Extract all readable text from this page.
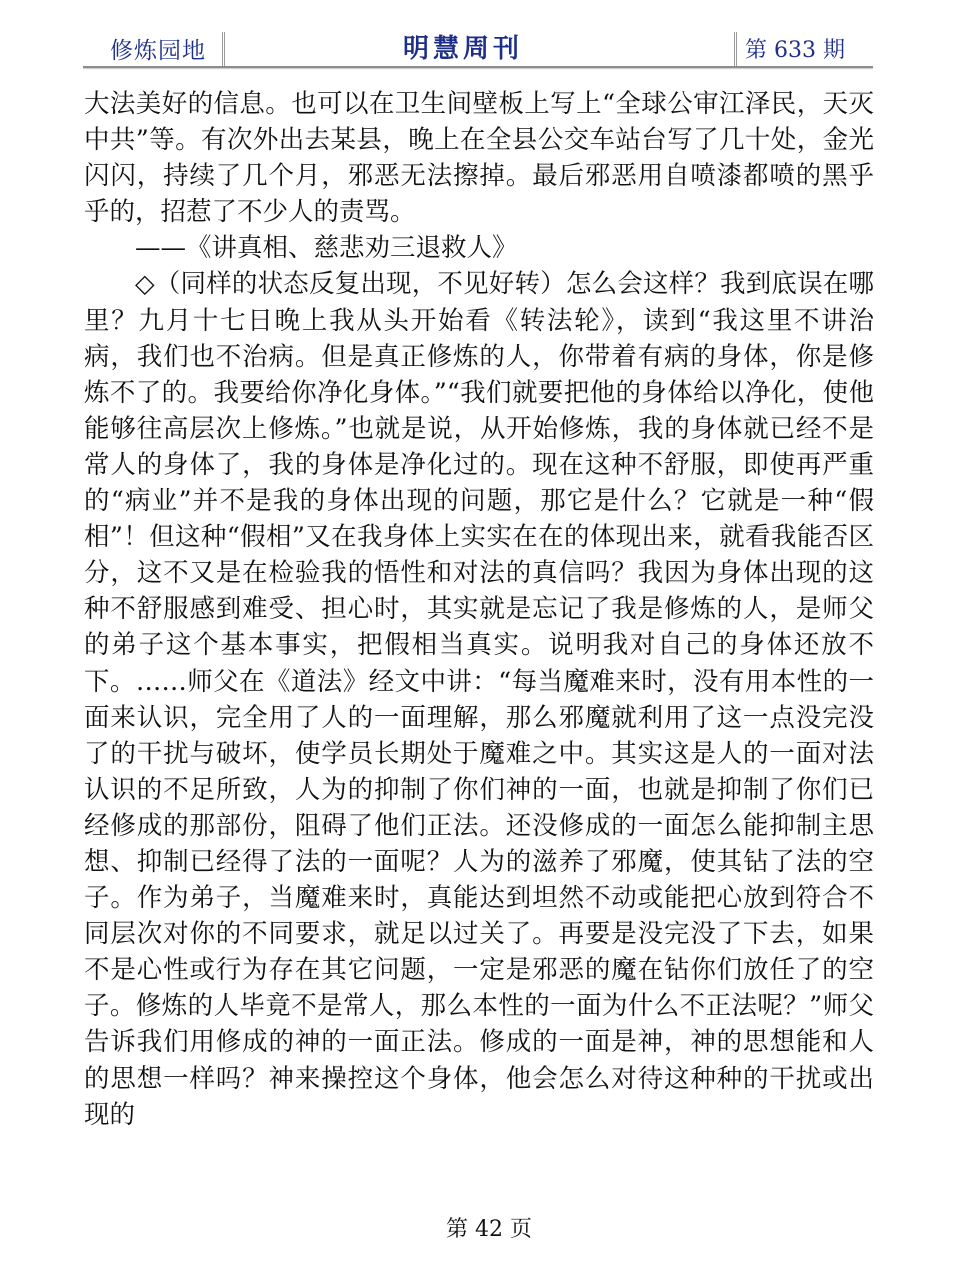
修炼园地	明慧周刊	第 633 期

大法美好的信息。也可以在卫生间壁板上写上“全球公审江泽民，天灭中共”等。有次外出去某县，晚上在全县公交车站台写了几十处，金光闪闪，持续了几个月，邪恶无法擦掉。最后邪恶用自喷漆都喷的黑乎乎的，招惹了不少人的责骂。

——《讲真相、慈悲劝三退救人》

◇（同样的状态反复出现，不见好转）怎么会这样？我到底误在哪里？九月十七日晚上我从头开始看《转法轮》，读到“我这里不讲治病，我们也不治病。但是真正修炼的人，你带着有病的身体，你是修炼不了的。我要给你净化身体。”“我们就要把他的身体给以净化，使他能够往高层次上修炼。”也就是说，从开始修炼，我的身体就已经不是常人的身体了，我的身体是净化过的。现在这种不舒服，即使再严重的“病业”并不是我的身体出现的问题，那它是什么？它就是一种“假相”！但这种“假相”又在我身体上实实在在的体现出来，就看我能否区分，这不又是在检验我的悟性和对法的真信吗？我因为身体出现的这种不舒服感到难受、担心时，其实就是忘记了我是修炼的人，是师父的弟子这个基本事实，把假相当真实。说明我对自己的身体还放不下。……师父在《道法》经文中讲：“每当魔难来时，没有用本性的一面来认识，完全用了人的一面理解，那么邪魔就利用了这一点没完没了的干扰与破坏，使学员长期处于魔难之中。其实这是人的一面对法认识的不足所致，人为的抑制了你们神的一面，也就是抑制了你们已经修成的那部份，阻碍了他们正法。还没修成的一面怎么能抑制主思想、抑制已经得了法的一面呢？人为的滋养了邪魔，使其钻了法的空子。作为弟子，当魔难来时，真能达到坦然不动或能把心放到符合不同层次对你的不同要求，就足以过关了。再要是没完没了下去，如果不是心性或行为存在其它问题，一定是邪恶的魔在钻你们放任了的空子。修炼的人毕竟不是常人，那么本性的一面为什么不正法呢？”师父告诉我们用修成的神的一面正法。修成的一面是神，神的思想能和人的思想一样吗？神来操控这个身体，他会怎么对待这种种的干扰或出现的

第 42 页
